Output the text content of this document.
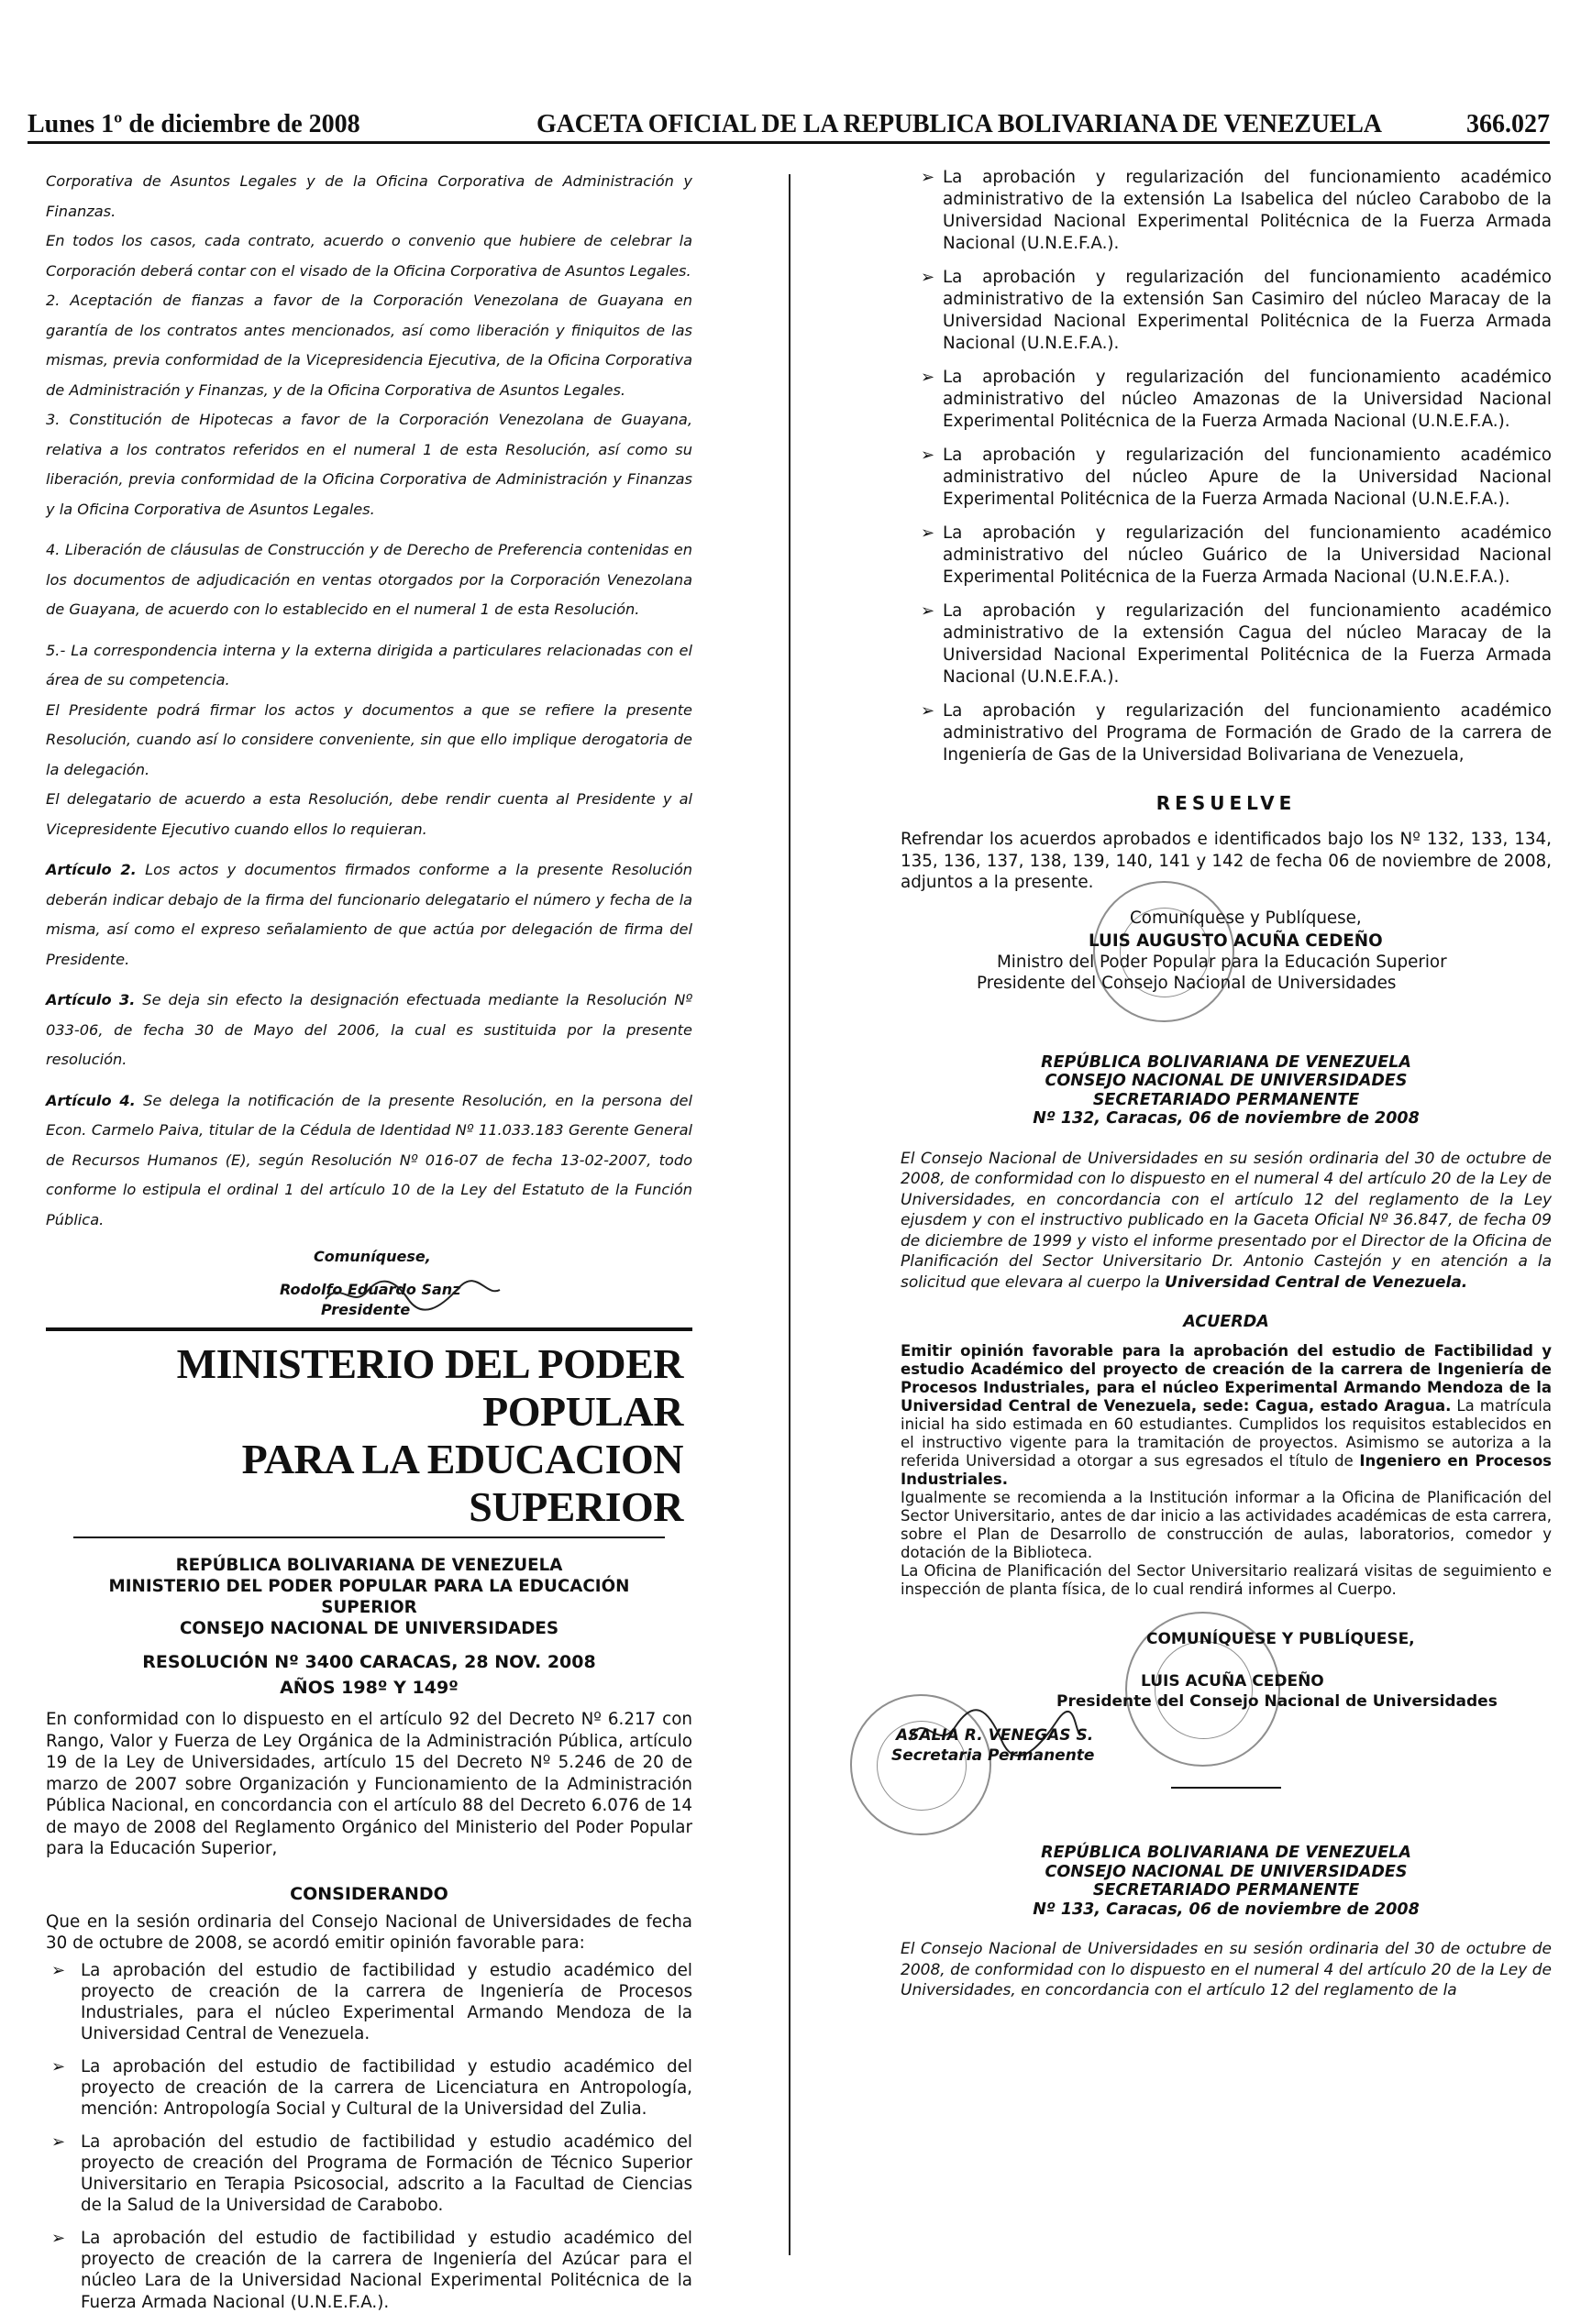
Lunes 1º de diciembre de 2008	GACETA OFICIAL DE LA REPUBLICA BOLIVARIANA DE VENEZUELA	366.027

Corporativa de Asuntos Legales y de la Oficina Corporativa de Administración y Finanzas.

En todos los casos, cada contrato, acuerdo o convenio que hubiere de celebrar la Corporación deberá contar con el visado de la Oficina Corporativa de Asuntos Legales.

2. Aceptación de fianzas a favor de la Corporación Venezolana de Guayana en garantía de los contratos antes mencionados, así como liberación y finiquitos de las mismas, previa conformidad de la Vicepresidencia Ejecutiva, de la Oficina Corporativa de Administración y Finanzas, y de la Oficina Corporativa de Asuntos Legales.

3. Constitución de Hipotecas a favor de la Corporación Venezolana de Guayana, relativa a los contratos referidos en el numeral 1 de esta Resolución, así como su liberación, previa conformidad de la Oficina Corporativa de Administración y Finanzas y la Oficina Corporativa de Asuntos Legales.

4. Liberación de cláusulas de Construcción y de Derecho de Preferencia contenidas en los documentos de adjudicación en ventas otorgados por la Corporación Venezolana de Guayana, de acuerdo con lo establecido en el numeral 1 de esta Resolución.

5.- La correspondencia interna y la externa dirigida a particulares relacionadas con el área de su competencia.

El Presidente podrá firmar los actos y documentos a que se refiere la presente Resolución, cuando así lo considere conveniente, sin que ello implique derogatoria de la delegación.

El delegatario de acuerdo a esta Resolución, debe rendir cuenta al Presidente y al Vicepresidente Ejecutivo cuando ellos lo requieran.

Artículo 2. Los actos y documentos firmados conforme a la presente Resolución deberán indicar debajo de la firma del funcionario delegatario el número y fecha de la misma, así como el expreso señalamiento de que actúa por delegación de firma del Presidente.

Artículo 3. Se deja sin efecto la designación efectuada mediante la Resolución Nº 033-06, de fecha 30 de Mayo del 2006, la cual es sustituida por la presente resolución.

Artículo 4. Se delega la notificación de la presente Resolución, en la persona del Econ. Carmelo Paiva, titular de la Cédula de Identidad Nº 11.033.183 Gerente General de Recursos Humanos (E), según Resolución Nº 016-07 de fecha 13-02-2007, todo conforme lo estipula el ordinal 1 del artículo 10 de la Ley del Estatuto de la Función Pública.

Comuníquese,
Rodolfo Eduardo Sanz
Presidente
MINISTERIO DEL PODER POPULAR
PARA LA EDUCACION SUPERIOR

REPÚBLICA BOLIVARIANA DE VENEZUELA

MINISTERIO DEL PODER POPULAR PARA LA EDUCACIÓN

SUPERIOR

CONSEJO NACIONAL DE UNIVERSIDADES

RESOLUCIÓN Nº 3400 CARACAS, 28 NOV. 2008

AÑOS 198º Y 149º

En conformidad con lo dispuesto en el artículo 92 del Decreto Nº 6.217 con Rango, Valor y Fuerza de Ley Orgánica de la Administración Pública, artículo 19 de la Ley de Universidades, artículo 15 del Decreto Nº 5.246 de 20 de marzo de 2007 sobre Organización y Funcionamiento de la Administración Pública Nacional, en concordancia con el artículo 88 del Decreto 6.076 de 14 de mayo de 2008 del Reglamento Orgánico del Ministerio del Poder Popular para la Educación Superior,

CONSIDERANDO

Que en la sesión ordinaria del Consejo Nacional de Universidades de fecha 30 de octubre de 2008, se acordó emitir opinión favorable para:

➢ La aprobación del estudio de factibilidad y estudio académico del proyecto de creación de la carrera de Ingeniería de Procesos Industriales, para el núcleo Experimental Armando Mendoza de la Universidad Central de Venezuela.
➢ La aprobación del estudio de factibilidad y estudio académico del proyecto de creación de la carrera de Licenciatura en Antropología, mención: Antropología Social y Cultural de la Universidad del Zulia.
➢ La aprobación del estudio de factibilidad y estudio académico del proyecto de creación del Programa de Formación de Técnico Superior Universitario en Terapia Psicosocial, adscrito a la Facultad de Ciencias de la Salud de la Universidad de Carabobo.
➢ La aprobación del estudio de factibilidad y estudio académico del proyecto de creación de la carrera de Ingeniería del Azúcar para el núcleo Lara de la Universidad Nacional Experimental Politécnica de la Fuerza Armada Nacional (U.N.E.F.A.).
➢ La aprobación y regularización del funcionamiento académico administrativo de la extensión La Isabelica del núcleo Carabobo de la Universidad Nacional Experimental Politécnica de la Fuerza Armada Nacional (U.N.E.F.A.).
➢ La aprobación y regularización del funcionamiento académico administrativo de la extensión San Casimiro del núcleo Maracay de la Universidad Nacional Experimental Politécnica de la Fuerza Armada Nacional (U.N.E.F.A.).
➢ La aprobación y regularización del funcionamiento académico administrativo del núcleo Amazonas de la Universidad Nacional Experimental Politécnica de la Fuerza Armada Nacional (U.N.E.F.A.).
➢ La aprobación y regularización del funcionamiento académico administrativo del núcleo Apure de la Universidad Nacional Experimental Politécnica de la Fuerza Armada Nacional (U.N.E.F.A.).
➢ La aprobación y regularización del funcionamiento académico administrativo del núcleo Guárico de la Universidad Nacional Experimental Politécnica de la Fuerza Armada Nacional (U.N.E.F.A.).
➢ La aprobación y regularización del funcionamiento académico administrativo de la extensión Cagua del núcleo Maracay de la Universidad Nacional Experimental Politécnica de la Fuerza Armada Nacional (U.N.E.F.A.).
➢ La aprobación y regularización del funcionamiento académico administrativo del Programa de Formación de Grado de la carrera de Ingeniería de Gas de la Universidad Bolivariana de Venezuela,

RESUELVE

Refrendar los acuerdos aprobados e identificados bajo los Nº 132, 133, 134, 135, 136, 137, 138, 139, 140, 141 y 142 de fecha 06 de noviembre de 2008, adjuntos a la presente.

Comuníquese y Publíquese,
LUIS AUGUSTO ACUÑA CEDEÑO
Ministro del Poder Popular para la Educación Superior
Presidente del Consejo Nacional de Universidades

REPÚBLICA BOLIVARIANA DE VENEZUELA

CONSEJO NACIONAL DE UNIVERSIDADES

SECRETARIADO PERMANENTE

Nº 132, Caracas, 06 de noviembre de 2008

El Consejo Nacional de Universidades en su sesión ordinaria del 30 de octubre de 2008, de conformidad con lo dispuesto en el numeral 4 del artículo 20 de la Ley de Universidades, en concordancia con el artículo 12 del reglamento de la Ley ejusdem y con el instructivo publicado en la Gaceta Oficial Nº 36.847, de fecha 09 de diciembre de 1999 y visto el informe presentado por el Director de la Oficina de Planificación del Sector Universitario Dr. Antonio Castejón y en atención a la solicitud que elevara al cuerpo la Universidad Central de Venezuela.

ACUERDA

Emitir opinión favorable para la aprobación del estudio de Factibilidad y estudio Académico del proyecto de creación de la carrera de Ingeniería de Procesos Industriales, para el núcleo Experimental Armando Mendoza de la Universidad Central de Venezuela, sede: Cagua, estado Aragua. La matrícula inicial ha sido estimada en 60 estudiantes. Cumplidos los requisitos establecidos en el instructivo vigente para la tramitación de proyectos. Asimismo se autoriza a la referida Universidad a otorgar a sus egresados el título de Ingeniero en Procesos Industriales.

Igualmente se recomienda a la Institución informar a la Oficina de Planificación del Sector Universitario, antes de dar inicio a las actividades académicas de esta carrera, sobre el Plan de Desarrollo de construcción de aulas, laboratorios, comedor y dotación de la Biblioteca.

La Oficina de Planificación del Sector Universitario realizará visitas de seguimiento e inspección de planta física, de lo cual rendirá informes al Cuerpo.

COMUNÍQUESE Y PUBLÍQUESE,
LUIS ACUÑA CEDEÑO
Presidente del Consejo Nacional de Universidades
ASALIA R. VENEGAS S.
Secretaria Permanente

REPÚBLICA BOLIVARIANA DE VENEZUELA

CONSEJO NACIONAL DE UNIVERSIDADES

SECRETARIADO PERMANENTE

Nº 133, Caracas, 06 de noviembre de 2008

El Consejo Nacional de Universidades en su sesión ordinaria del 30 de octubre de 2008, de conformidad con lo dispuesto en el numeral 4 del artículo 20 de la Ley de Universidades, en concordancia con el artículo 12 del reglamento de la
